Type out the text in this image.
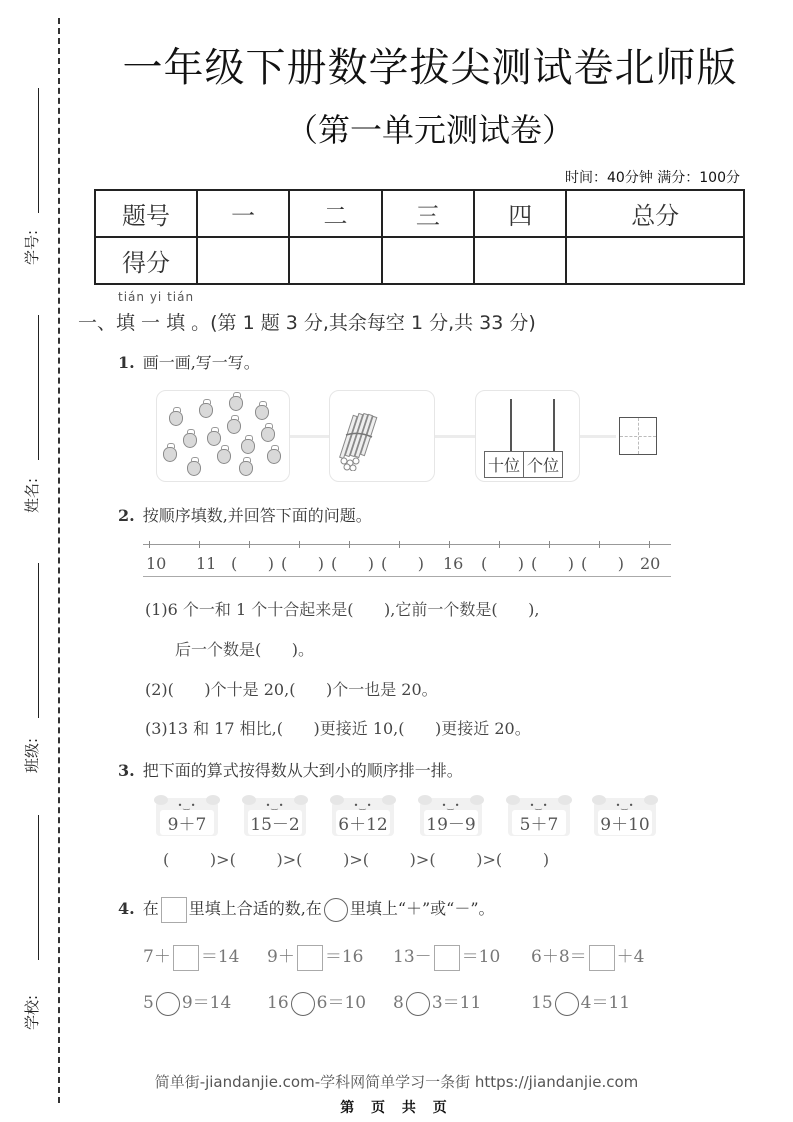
学号:
姓名:
班级:
学校:
一年级下册数学拔尖测试卷北师版
（第一单元测试卷）
时间：40分钟 满分：100分
题号	一	二	三	四	总分
得分					
tián yi tián
一、填 一 填 。(第 1 题 3 分,其余每空 1 分,共 33 分)
1. 画一画,写一写。
十位	个位
2. 按顺序填数,并回答下面的问题。
10 11 (      ) (      ) (      ) (      ) 16 (      ) (      ) (      ) 20
(1)6 个一和 1 个十合起来是(      ),它前一个数是(      ),
后一个数是(      )。
(2)(      )个十是 20,(      )个一也是 20。
(3)13 和 17 相比,(      )更接近 10,(      )更接近 20。
3. 把下面的算式按得数从大到小的顺序排一排。
•‿•
9＋7
•‿•
15－2
•‿•
6＋12
•‿•
19－9
•‿•
5＋7
•‿•
9＋10
(        )>(        )>(        )>(        )>(        )>(        )
4. 在 里填上合适的数,在 里填上“＋”或“－”。
7＋ ＝14 9＋ ＝16 13－ ＝10 6＋8＝ ＋4
5 9＝14 16 6＝10 8 3＝11	15 4＝11
简单街-jiandanjie.com-学科网简单学习一条街 https://jiandanjie.com
第 页 共 页
